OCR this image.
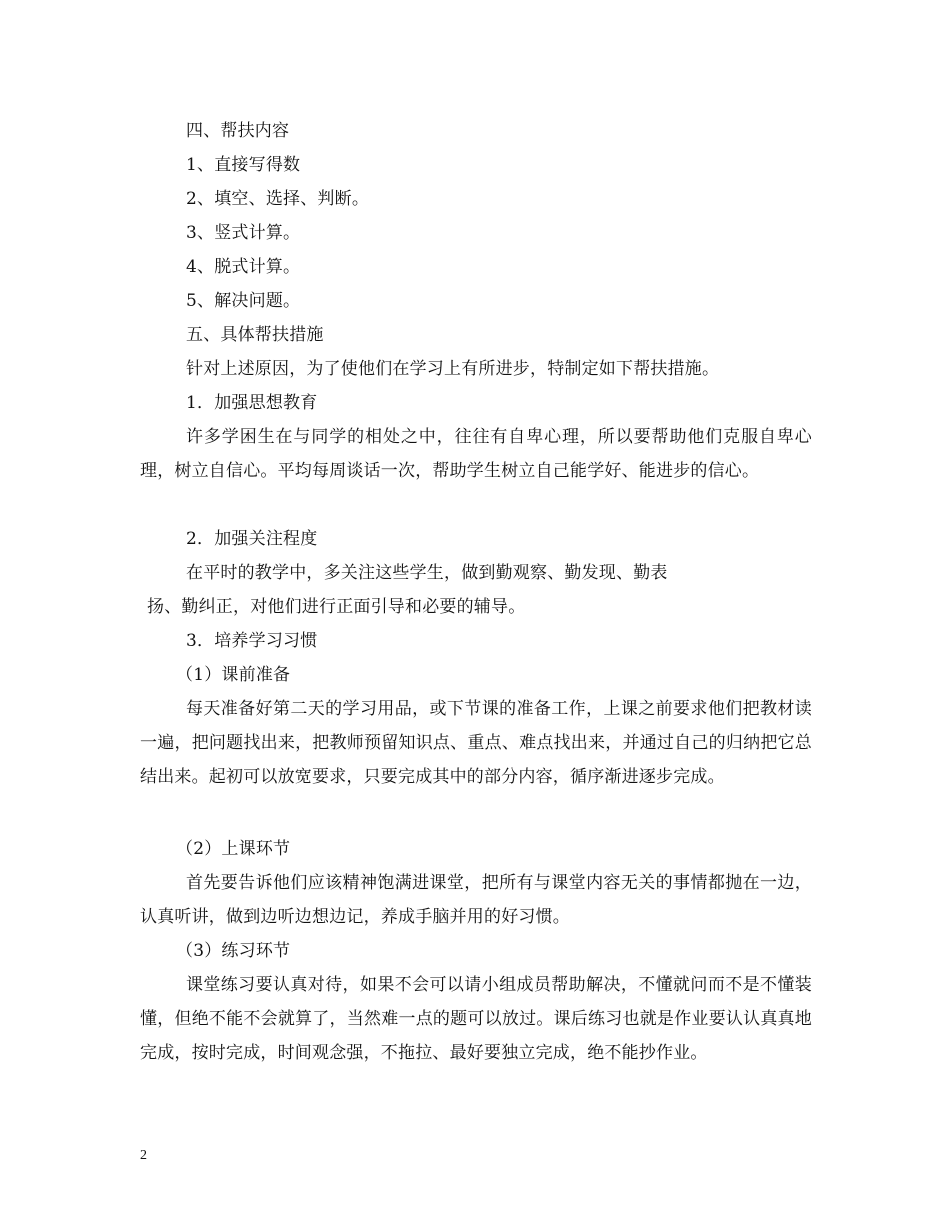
四、帮扶内容
1、直接写得数
2、填空、选择、判断。
3、竖式计算。
4、脱式计算。
5、解决问题。
五、具体帮扶措施
针对上述原因，为了使他们在学习上有所进步，特制定如下帮扶措施。
1．加强思想教育
许多学困生在与同学的相处之中，往往有自卑心理，所以要帮助他们克服自卑心理，树立自信心。平均每周谈话一次，帮助学生树立自己能学好、能进步的信心。
2．加强关注程度
在平时的教学中，多关注这些学生，做到勤观察、勤发现、勤表
扬、勤纠正，对他们进行正面引导和必要的辅导。
3．培养学习习惯
（1）课前准备
每天准备好第二天的学习用品，或下节课的准备工作，上课之前要求他们把教材读一遍，把问题找出来，把教师预留知识点、重点、难点找出来，并通过自己的归纳把它总结出来。起初可以放宽要求，只要完成其中的部分内容，循序渐进逐步完成。
（2）上课环节
首先要告诉他们应该精神饱满进课堂，把所有与课堂内容无关的事情都抛在一边，认真听讲，做到边听边想边记，养成手脑并用的好习惯。
（3）练习环节
课堂练习要认真对待，如果不会可以请小组成员帮助解决，不懂就问而不是不懂装懂，但绝不能不会就算了，当然难一点的题可以放过。课后练习也就是作业要认认真真地完成，按时完成，时间观念强，不拖拉、最好要独立完成，绝不能抄作业。
2
